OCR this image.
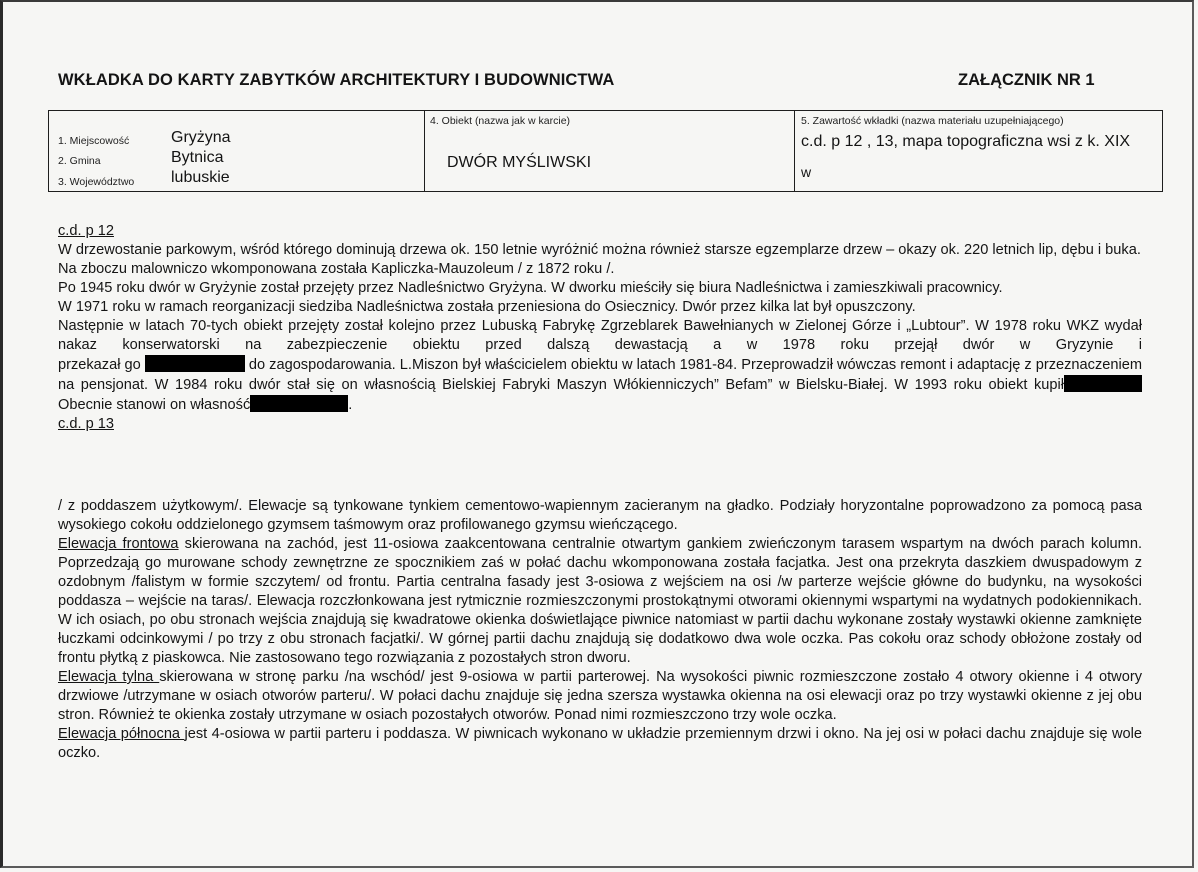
WKŁADKA DO KARTY ZABYTKÓW ARCHITEKTURY I BUDOWNICTWA	ZAŁĄCZNIK NR 1
1. Miejscowość	Gryżyna
2. Gmina	Bytnica
3. Województwo lubuskie
4. Obiekt (nazwa jak w karcie)
DWÓR MYŚLIWSKI
5. Zawartość wkładki (nazwa materiału uzupełniającego)
c.d. p 12 , 13, mapa topograficzna wsi z k. XIX
w

c.d. p 12

W drzewostanie parkowym, wśród którego dominują drzewa ok. 150 letnie wyróżnić można również starsze egzemplarze drzew – okazy ok. 220 letnich lip, dębu i buka.

Na zboczu malowniczo wkomponowana została Kapliczka-Mauzoleum / z 1872 roku /.

Po 1945 roku dwór w Gryżynie został przejęty przez Nadleśnictwo Gryżyna. W dworku mieściły się biura Nadleśnictwa i zamieszkiwali pracownicy.

W 1971 roku w ramach reorganizacji siedziba Nadleśnictwa została przeniesiona do Osiecznicy. Dwór przez kilka lat był opuszczony.

Następnie w latach 70-tych obiekt przejęty został kolejno przez Lubuską Fabrykę Zgrzeblarek Bawełnianych w Zielonej Górze i „Lubtour”. W 1978 roku WKZ wydał nakaz konserwatorski na zabezpieczenie obiektu przed dalszą dewastacją a w 1978 roku przejął dwór w Gryzynie i

przekazał go	do zagospodarowania. L.Miszon był właścicielem obiektu w latach 1981-84. Przeprowadził wówczas remont i adaptację z przeznaczeniem na pensjonat. W 1984 roku dwór stał się on własnością Bielskiej Fabryki Maszyn Włókienniczych” Befam” w Bielsku-Białej. W 1993 roku obiekt kupił Obecnie stanowi on własność	.

c.d. p 13

/ z poddaszem użytkowym/. Elewacje są tynkowane tynkiem cementowo-wapiennym zacieranym na gładko. Podziały horyzontalne poprowadzono za pomocą pasa wysokiego cokołu oddzielonego gzymsem taśmowym oraz profilowanego gzymsu wieńczącego.

Elewacja frontowa skierowana na zachód, jest 11-osiowa zaakcentowana centralnie otwartym gankiem zwieńczonym tarasem wspartym na dwóch parach kolumn. Poprzedzają go murowane schody zewnętrzne ze spocznikiem zaś w połać dachu wkomponowana została facjatka. Jest ona przekryta daszkiem dwuspadowym z ozdobnym /falistym w formie szczytem/ od frontu. Partia centralna fasady jest 3-osiowa z wejściem na osi /w parterze wejście główne do budynku, na wysokości poddasza – wejście na taras/. Elewacja rozczłonkowana jest rytmicznie rozmieszczonymi prostokątnymi otworami okiennymi wspartymi na wydatnych podokiennikach. W ich osiach, po obu stronach wejścia znajdują się kwadratowe okienka doświetlające piwnice natomiast w partii dachu wykonane zostały wystawki okienne zamknięte łuczkami odcinkowymi / po trzy z obu stronach facjatki/. W górnej partii dachu znajdują się dodatkowo dwa wole oczka. Pas cokołu oraz schody obłożone zostały od frontu płytką z piaskowca. Nie zastosowano tego rozwiązania z pozostałych stron dworu.

Elewacja tylna skierowana w stronę parku /na wschód/ jest 9-osiowa w partii parterowej. Na wysokości piwnic rozmieszczone zostało 4 otwory okienne i 4 otwory drzwiowe /utrzymane w osiach otworów parteru/. W połaci dachu znajduje się jedna szersza wystawka okienna na osi elewacji oraz po trzy wystawki okienne z jej obu stron. Również te okienka zostały utrzymane w osiach pozostałych otworów. Ponad nimi rozmieszczono trzy wole oczka.

Elewacja północna jest 4-osiowa w partii parteru i poddasza. W piwnicach wykonano w układzie przemiennym drzwi i okno. Na jej osi w połaci dachu znajduje się wole oczko.
